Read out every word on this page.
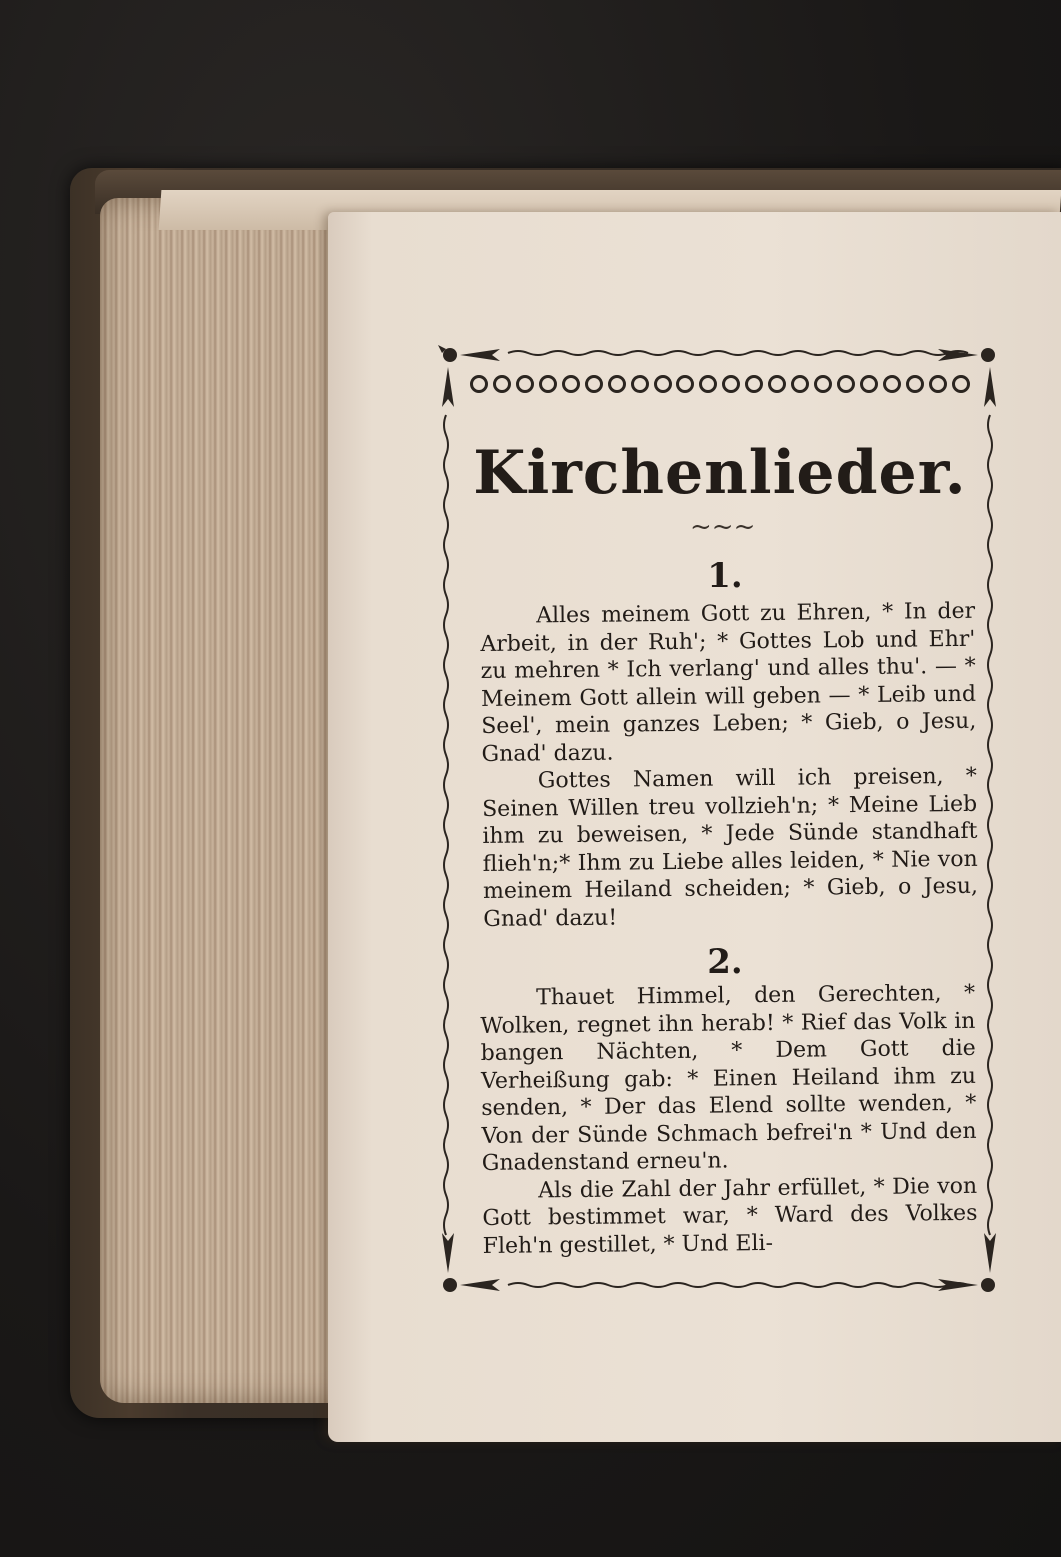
Kirchenlieder.
~~~
1.

Alles meinem Gott zu Ehren, * In der Arbeit, in der Ruh'; * Gottes Lob und Ehr' zu mehren * Ich verlang' und alles thu'. — * Meinem Gott allein will geben — * Leib und Seel', mein ganzes Leben; * Gieb, o Jesu, Gnad' dazu.

Gottes Namen will ich preisen, * Seinen Willen treu vollzieh'n; * Meine Lieb ihm zu beweisen, * Jede Sünde standhaft flieh'n;* Ihm zu Liebe alles leiden, * Nie von meinem Heiland scheiden; * Gieb, o Jesu, Gnad' dazu!

2.

Thauet Himmel, den Gerechten, * Wolken, regnet ihn herab! * Rief das Volk in bangen Nächten, * Dem Gott die Verheißung gab: * Einen Heiland ihm zu senden, * Der das Elend sollte wenden, * Von der Sünde Schmach befrei'n * Und den Gnadenstand erneu'n.

Als die Zahl der Jahr erfüllet, * Die von Gott bestimmet war, * Ward des Volkes Fleh'n gestillet, * Und Eli-
